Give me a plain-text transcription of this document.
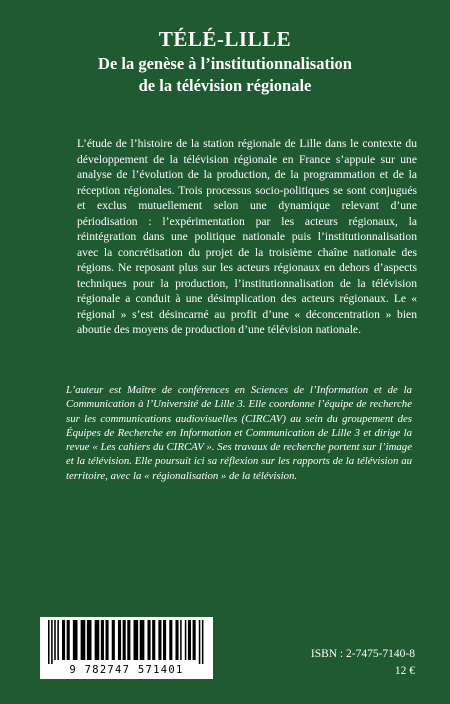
TÉLÉ-LILLE
De la genèse à l’institutionnalisation
de la télévision régionale
L’étude de l’histoire de la station régionale de Lille dans le contexte du développement de la télévision régionale en France s’appuie sur une analyse de l’évolution de la production, de la programmation et de la réception régionales. Trois processus socio-politiques se sont conjugués et exclus mutuellement selon une dynamique relevant d’une périodisation : l’expérimentation par les acteurs régionaux, la réintégration dans une politique nationale puis l’institutionnalisation avec la concrétisation du projet de la troisième chaîne nationale des régions. Ne reposant plus sur les acteurs régionaux en dehors d’aspects techniques pour la production, l’institutionnalisation de la télévision régionale a conduit à une désimplication des acteurs régionaux. Le « régional » s’est désincarné au profit d’une « déconcentration » bien aboutie des moyens de production d’une télévision nationale.
L’auteur est Maître de conférences en Sciences de l’Information et de la Communication à l’Université de Lille 3. Elle coordonne l’équipe de recherche sur les communications audiovisuelles (CIRCAV) au sein du groupement des Équipes de Recherche en Information et Communication de Lille 3 et dirige la revue « Les cahiers du CIRCAV ». Ses travaux de recherche portent sur l’image et la télévision. Elle poursuit ici sa réflexion sur les rapports de la télévision au territoire, avec la « régionalisation » de la télévision.
9 782747 571401
ISBN : 2-7475-7140-8
12 €
